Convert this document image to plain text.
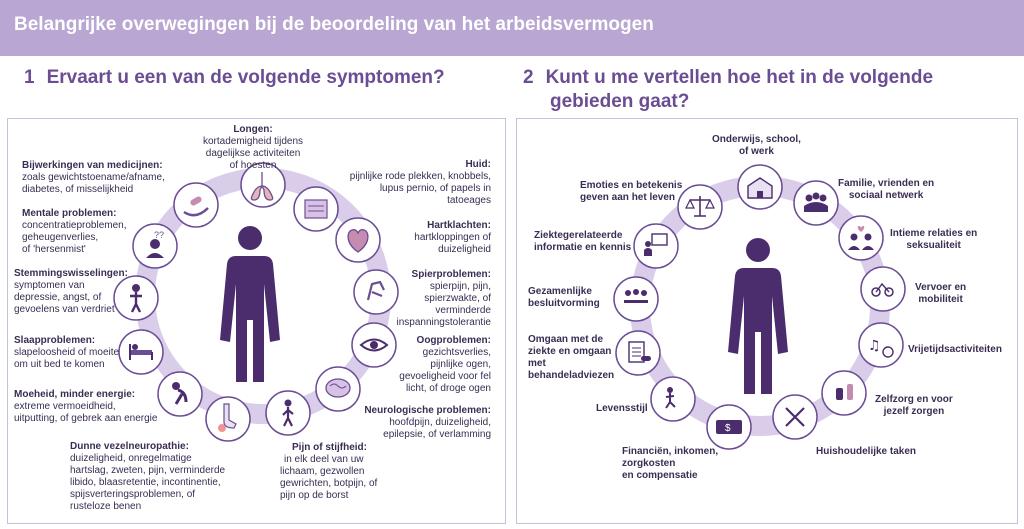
Belangrijke overwegingen bij de beoordeling van het arbeidsvermogen
1 Ervaart u een van de volgende symptomen?	2 Kunt u me vertellen hoe het in de volgende
gebieden gaat?
??
♫
$
Longen:
kortademigheid tijdens
dagelijkse activiteiten
of hoesten	Huid:
pijnlijke rode plekken, knobbels,
lupus pernio, of papels in
tatoeages
Hartklachten:
hartkloppingen of
duizeligheid
Spierproblemen:
spierpijn, pijn,
spierzwakte, of
verminderde
inspanningstolerantie
Oogproblemen:
gezichtsverlies,
pijnlijke ogen,
gevoeligheid voor fel
licht, of droge ogen
Neurologische problemen:
hoofdpijn, duizeligheid,
epilepsie, of verlamming
Pijn of stijfheid:
in elk deel van uw
lichaam, gezwollen
gewrichten, botpijn, of
pijn op de borst
Dunne vezelneuropathie:
duizeligheid, onregelmatige
hartslag, zweten, pijn, verminderde
libido, blaasretentie, incontinentie,
spijsverteringsproblemen, of
rusteloze benen
Moeheid, minder energie:
extreme vermoeidheid,
uitputting, of gebrek aan energie
Slaapproblemen:
slapeloosheid of moeite
om uit bed te komen
Stemmingswisselingen:
symptomen van
depressie, angst, of
gevoelens van verdriet
Mentale problemen:
concentratieproblemen,
geheugenverlies,
of 'hersenmist'
Bijwerkingen van medicijnen:
zoals gewichtstoename/afname,
diabetes, of misselijkheid
Onderwijs, school,
of werk
Familie, vrienden en
sociaal netwerk
Intieme relaties en
seksualiteit
Vervoer en
mobiliteit
Vrijetijdsactiviteiten
Zelfzorg en voor
jezelf zorgen
Huishoudelijke taken
Financiën, inkomen,
zorgkosten
en compensatie
Levensstijl
Omgaan met de
ziekte en omgaan
met
behandeladviezen
Gezamenlijke
besluitvorming
Ziektegerelateerde
informatie en kennis
Emoties en betekenis
geven aan het leven
